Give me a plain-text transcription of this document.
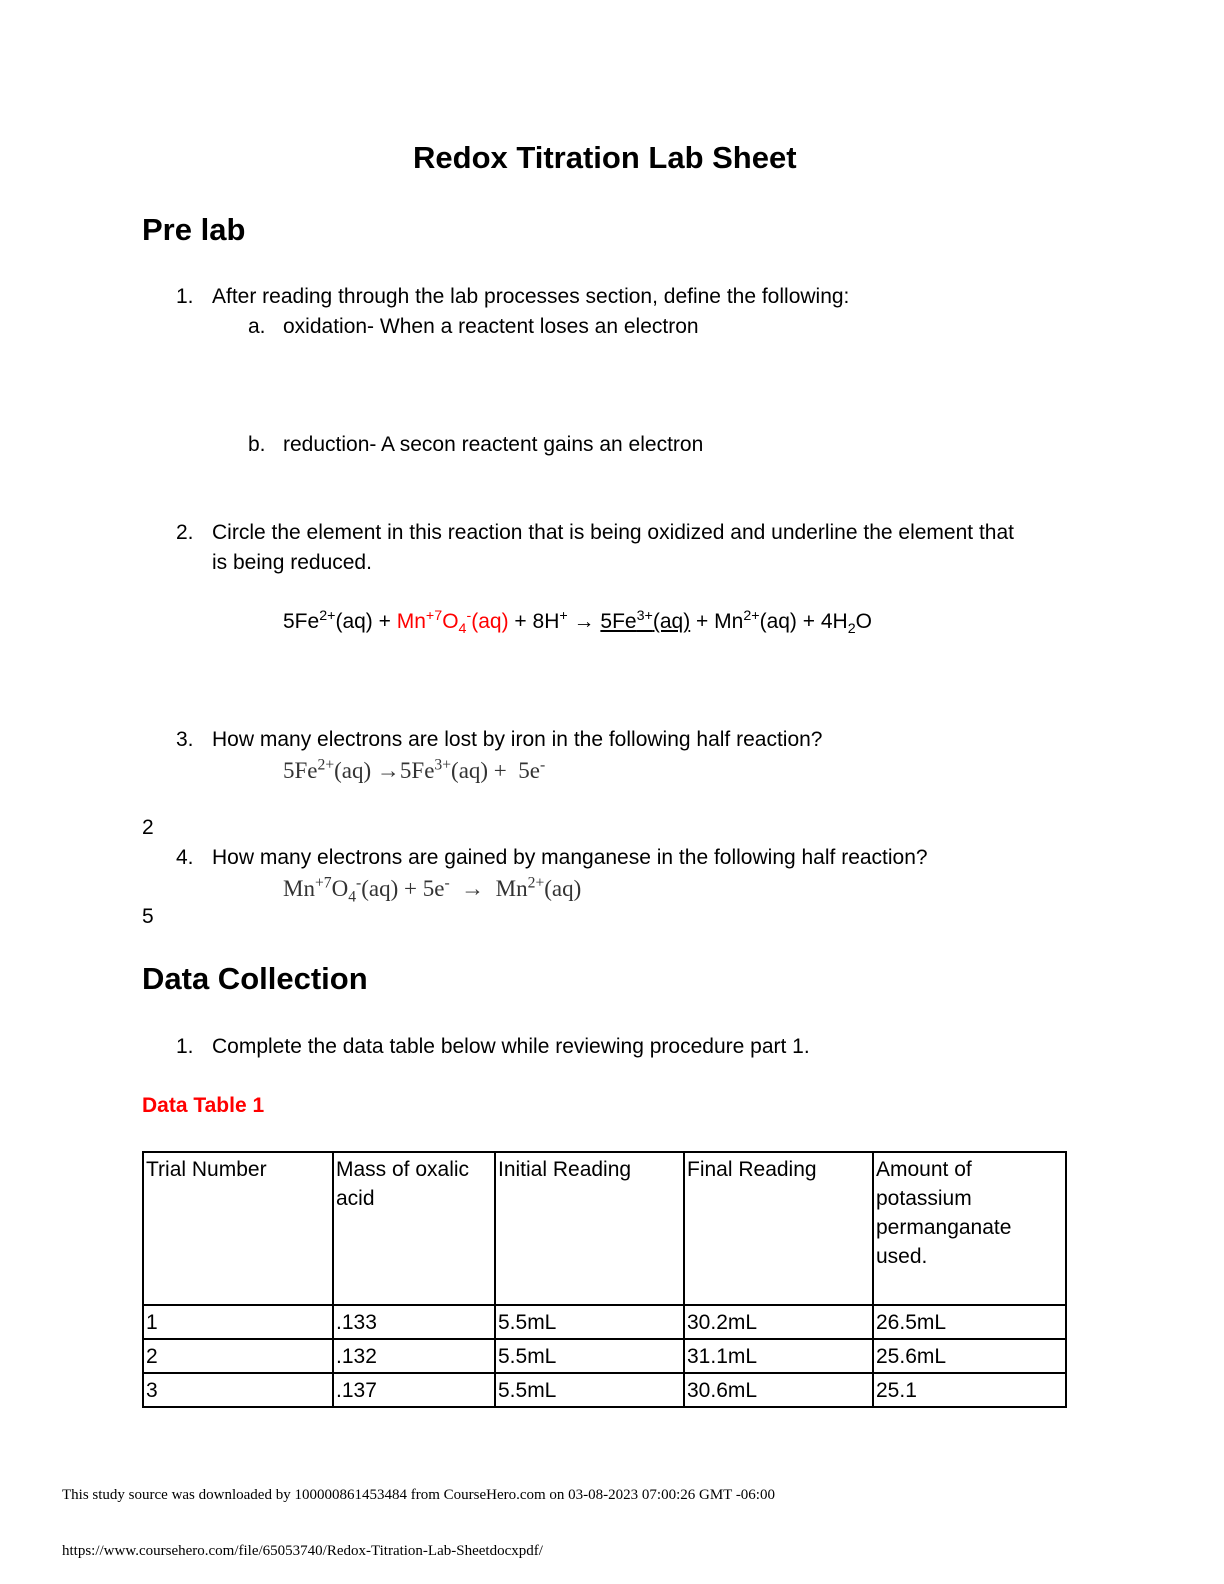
Redox Titration Lab Sheet
Pre lab
1. After reading through the lab processes section, define the following:
a. oxidation- When a reactent loses an electron
b. reduction- A secon reactent gains an electron
2. Circle the element in this reaction that is being oxidized and underline the element that
is being reduced.
$5Fe^{2+}(aq) + Mn^{+7}O_4^-(aq) + 8H^+ \to 5Fe^{3+}(aq) + Mn^{2+}(aq) + 4H_2O$
3. How many electrons are lost by iron in the following half reaction?
$5Fe^{2+}(aq) \to 5Fe^{3+}(aq) + 5e^-$
2
4. How many electrons are gained by manganese in the following half reaction?
$Mn^{+7}O_4^-(aq) + 5e^- \to Mn^{2+}(aq)$
5
Data Collection
1. Complete the data table below while reviewing procedure part 1.
Data Table 1
Trial Number	Mass of oxalic acid	Initial Reading	Final Reading	Amount of potassium permanganate used.
1	.133	5.5mL	30.2mL	26.5mL
2	.132	5.5mL	31.1mL	25.6mL
3	.137	5.5mL	30.6mL	25.1
This study source was downloaded by 100000861453484 from CourseHero.com on 03-08-2023 07:00:26 GMT -06:00
https://www.coursehero.com/file/65053740/Redox-Titration-Lab-Sheetdocxpdf/
